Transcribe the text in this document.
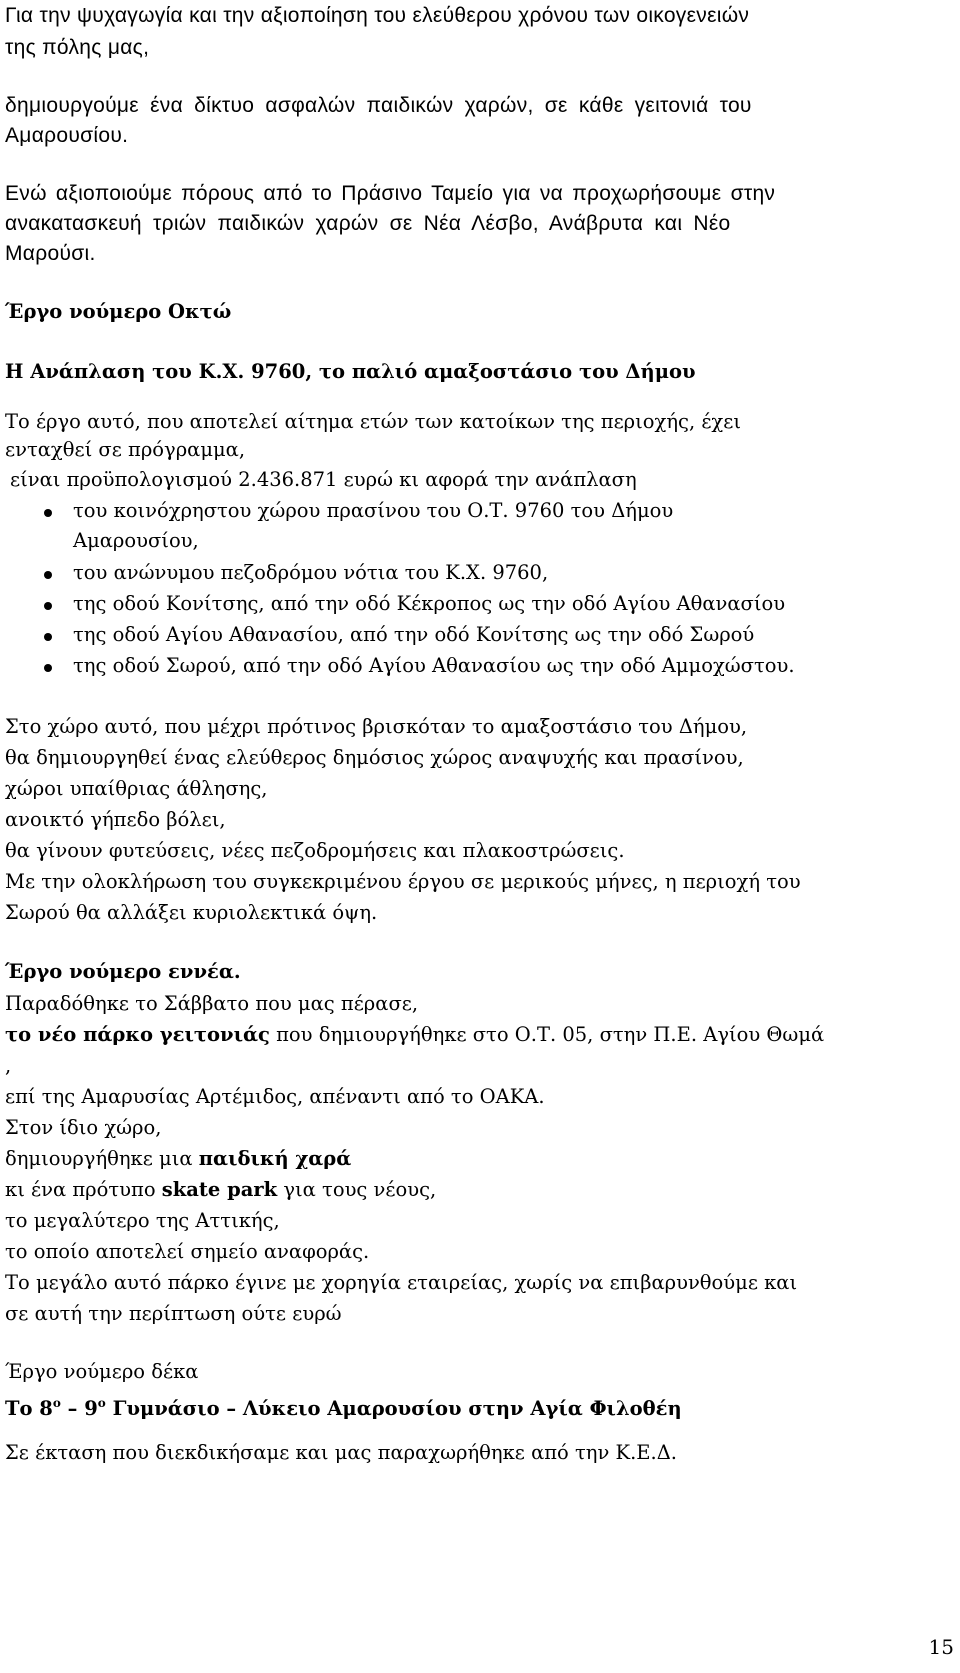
Για την ψυχαγωγία και την αξιοποίηση του ελεύθερου χρόνου των οικογενειών
της πόλης μας,
δημιουργούμε ένα δίκτυο ασφαλών παιδικών χαρών, σε κάθε γειτονιά του
Αμαρουσίου.
Ενώ αξιοποιούμε πόρους από το Πράσινο Ταμείο για να προχωρήσουμε στην
ανακατασκευή τριών παιδικών χαρών σε Νέα Λέσβο, Ανάβρυτα και Νέο
Μαρούσι.
Έργο νούμερο Οκτώ
Η Ανάπλαση του Κ.Χ. 9760, το παλιό αμαξοστάσιο του Δήμου
Το έργο αυτό, που αποτελεί αίτημα ετών των κατοίκων της περιοχής, έχει
ενταχθεί σε πρόγραμμα,
είναι προϋπολογισμού 2.436.871 ευρώ κι αφορά την ανάπλαση
του κοινόχρηστου χώρου πρασίνου του Ο.Τ. 9760 του Δήμου
Αμαρουσίου,
του ανώνυμου πεζοδρόμου νότια του Κ.Χ. 9760,
της οδού Κονίτσης, από την οδό Κέκροπος ως την οδό Αγίου Αθανασίου
της οδού Αγίου Αθανασίου, από την οδό Κονίτσης ως την οδό Σωρού
της οδού Σωρού, από την οδό Αγίου Αθανασίου ως την οδό Αμμοχώστου.
Στο χώρο αυτό, που μέχρι πρότινος βρισκόταν το αμαξοστάσιο του Δήμου,
θα δημιουργηθεί ένας ελεύθερος δημόσιος χώρος αναψυχής και πρασίνου,
χώροι υπαίθριας άθλησης,
ανοικτό γήπεδο βόλει,
θα γίνουν φυτεύσεις, νέες πεζοδρομήσεις και πλακοστρώσεις.
Με την ολοκλήρωση του συγκεκριμένου έργου σε μερικούς μήνες, η περιοχή του
Σωρού θα αλλάξει κυριολεκτικά όψη.
Έργο νούμερο εννέα.
Παραδόθηκε το Σάββατο που μας πέρασε,
το νέο πάρκο γειτονιάς που δημιουργήθηκε στο Ο.Τ. 05, στην Π.Ε. Αγίου Θωμά
,
επί της Αμαρυσίας Αρτέμιδος, απέναντι από το ΟΑΚΑ.
Στον ίδιο χώρο,
δημιουργήθηκε μια παιδική χαρά
κι ένα πρότυπο skate park για τους νέους,
το μεγαλύτερο της Αττικής,
το οποίο αποτελεί σημείο αναφοράς.
Το μεγάλο αυτό πάρκο έγινε με χορηγία εταιρείας, χωρίς να επιβαρυνθούμε και
σε αυτή την περίπτωση ούτε ευρώ
Έργο νούμερο δέκα
Το $8^o - 9^o$ Γυμνάσιο – Λύκειο Αμαρουσίου στην Αγία Φιλοθέη
Σε έκταση που διεκδικήσαμε και μας παραχωρήθηκε από την Κ.Ε.Δ.
15
